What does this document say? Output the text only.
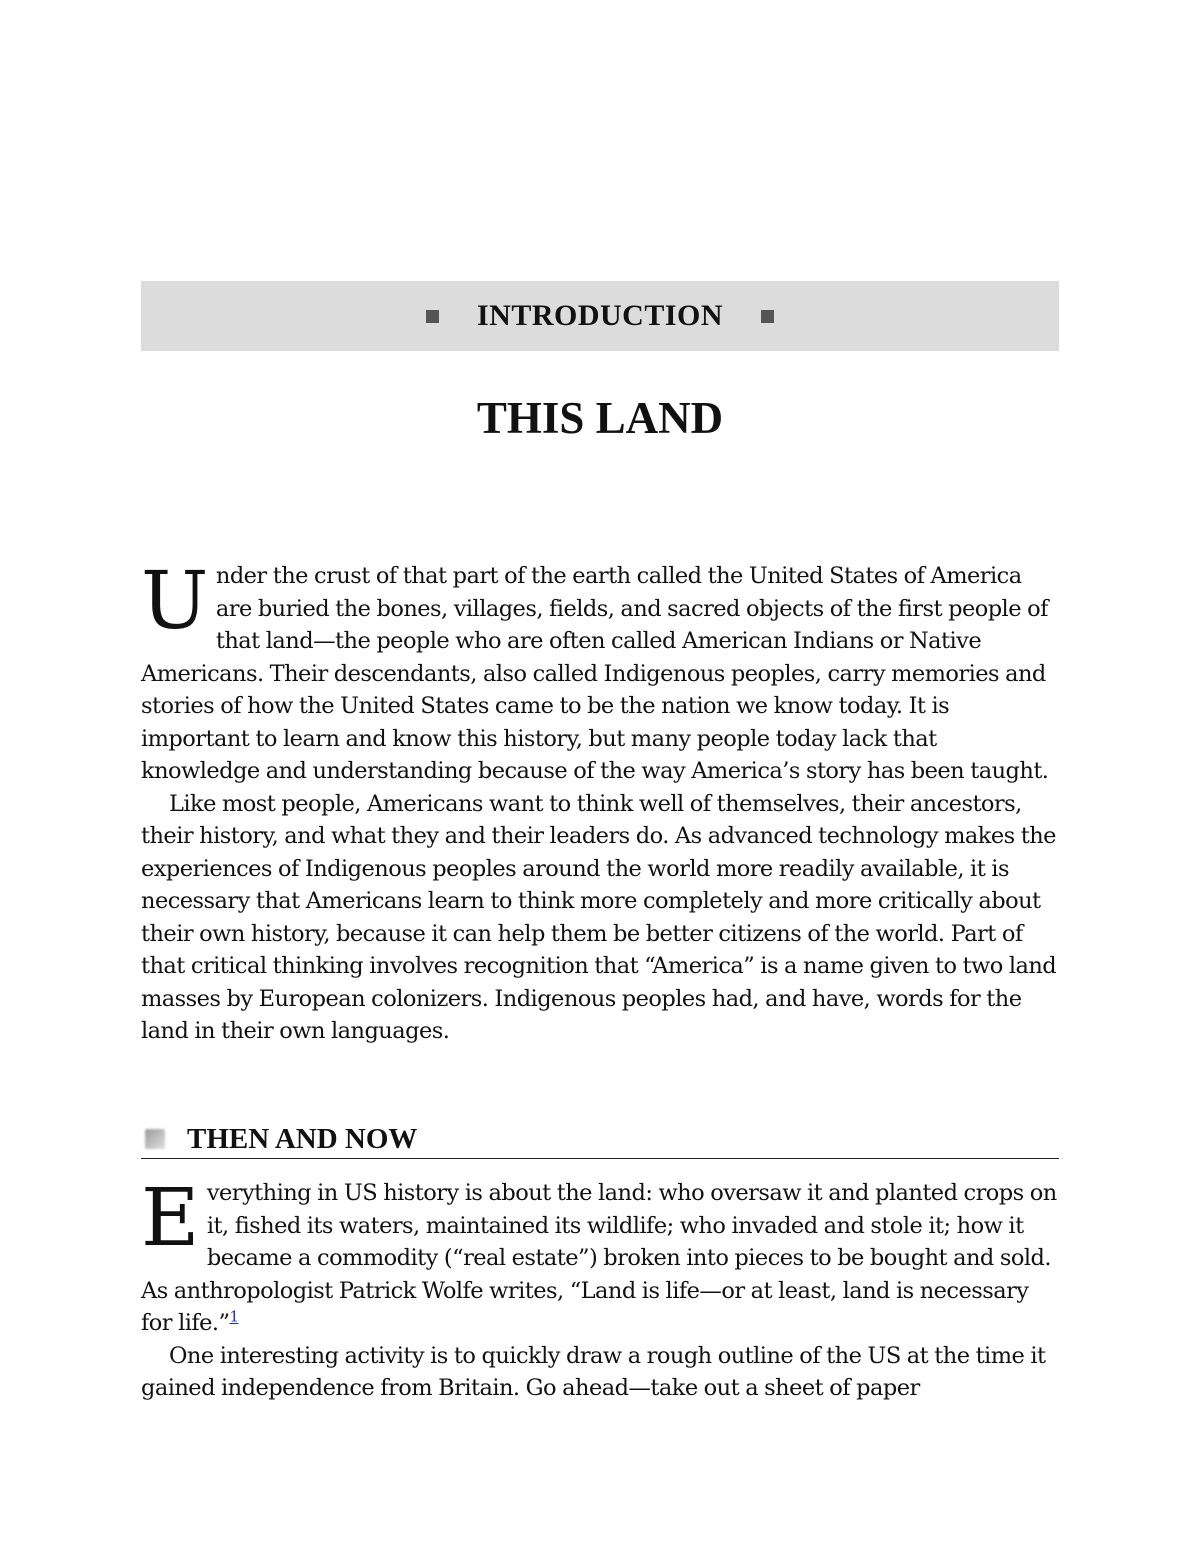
INTRODUCTION
THIS LAND

Under the crust of that part of the earth called the United States of America are buried the bones, villages, fields, and sacred objects of the first people of that land—the people who are often called American Indians or Native Americans. Their descendants, also called Indigenous peoples, carry memories and stories of how the United States came to be the nation we know today. It is important to learn and know this history, but many people today lack that knowledge and understanding because of the way America’s story has been taught.

Like most people, Americans want to think well of themselves, their ancestors, their history, and what they and their leaders do. As advanced technology makes the experiences of Indigenous peoples around the world more readily available, it is necessary that Americans learn to think more completely and more critically about their own history, because it can help them be better citizens of the world. Part of that critical thinking involves recognition that “America” is a name given to two land masses by European colonizers. Indigenous peoples had, and have, words for the land in their own languages.

THEN AND NOW

Everything in US history is about the land: who oversaw it and planted crops on it, fished its waters, maintained its wildlife; who invaded and stole it; how it became a commodity (“real estate”) broken into pieces to be bought and sold. As anthropologist Patrick Wolfe writes, “Land is life—or at least, land is necessary for life.”$^1$

One interesting activity is to quickly draw a rough outline of the US at the time it gained independence from Britain. Go ahead—take out a sheet of paper
